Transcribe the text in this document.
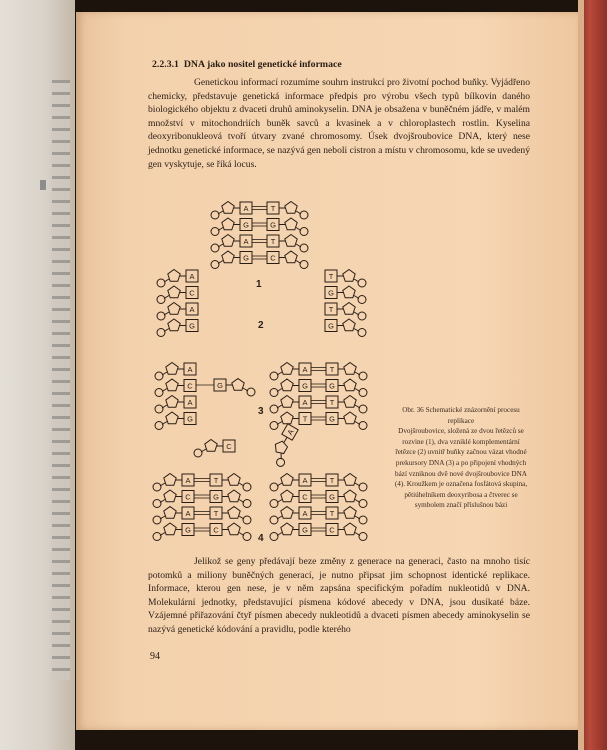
2.2.3.1 DNA jako nositel genetické informace
Genetickou informací rozumíme souhrn instrukcí pro životní pochod buňky. Vyjádřeno chemicky, představuje genetická informace předpis pro výrobu všech typů bílkovin daného biologického objektu z dvaceti druhů aminokyselin. DNA je obsažena v buněčném jádře, v malém množství v mitochondriích buněk savců a kvasinek a v chloroplastech rostlin. Kyselina deoxyribonukleová tvoří útvary zvané chromosomy. Úsek dvojšroubovice DNA, který nese jednotku genetické informace, se nazývá gen neboli cistron a místu v chromosomu, kde se uvedený gen vyskytuje, se říká locus.
A
G
A
G
T
G
T
C
1
A
C
A
G
T
G
T
G
2
A
C
A
G
G
A
G
A
T
T
G
T
G
3
C
A
A
C
A
G
T
G
T
C
A
C
A
G
T
G
T
C
4
Obr. 36 Schematické znázornění procesu replikace
Dvojšroubovice, složená ze dvou řetězců se rozvine (1), dva vzniklé komplementární řetězce (2) uvnitř buňky začnou vázat vhodné prekursory DNA (3) a po připojení vhodných bází vzniknou dvě nové dvojšroubovice DNA (4). Kroužkem je označena fosfátová skupina, pětiúhelníkem deoxyribosa a čtverec se symbolem značí příslušnou bázi
Jelikož se geny předávají beze změny z generace na generaci, často na mnoho tisíc potomků a miliony buněčných generací, je nutno připsat jim schopnost identické replikace. Informace, kterou gen nese, je v něm zapsána specifickým pořadím nukleotidů v DNA. Molekulární jednotky, představující písmena kódové abecedy v DNA, jsou dusíkaté báze. Vzájemné přiřazování čtyř písmen abecedy nukleotidů a dvaceti písmen abecedy aminokyselin se nazývá genetické kódování a pravidlu, podle kterého
94
